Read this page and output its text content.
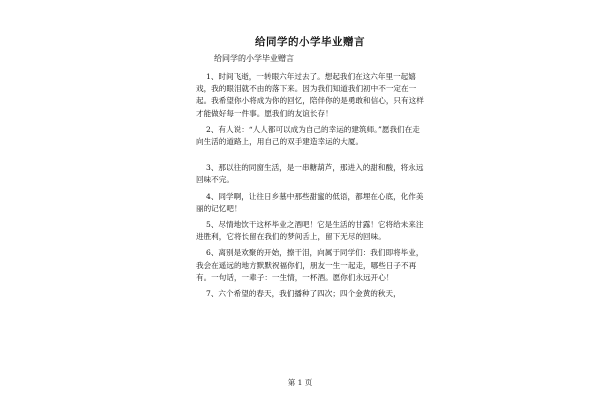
给同学的小学毕业赠言
给同学的小学毕业赠言

1、时间飞逝，一转眼六年过去了。想起我们在这六年里一起嬉戏，我的眼泪就不由的落下来。因为我们知道我们初中不一定在一起。我希望你小将成为你的回忆，陪伴你的是勇敢和信心，只有这样才能做好每一件事。愿我们的友谊长存！

2、有人说：“人人都可以成为自己的幸运的建筑师。”愿我们在走向生活的道路上，用自己的双手建造幸运的大厦。

3、那以往的同窗生活，是一串糖葫芦，那进入的甜和酸，将永远回味不完。

4、同学啊，让往日乡墓中那些甜蜜的低语，都埋在心底，化作美丽的记忆吧！

5、尽情地饮干这杯毕业之酒吧！它是生活的甘露！它将给未来注进胜利，它将长留在我们的梦间舌上，留下无尽的回味。

6、离别是欢聚的开始，擦干泪，向属于同学们：我们即将毕业，我会在遥远的地方默默祝福你们，朋友一生一起走，哪些日子不再有。一句话，一辈子：一生情，一杯酒。愿你们永远开心！

7、六个希望的春天，我们播种了四次；四个金黄的秋天，

第 1 页
